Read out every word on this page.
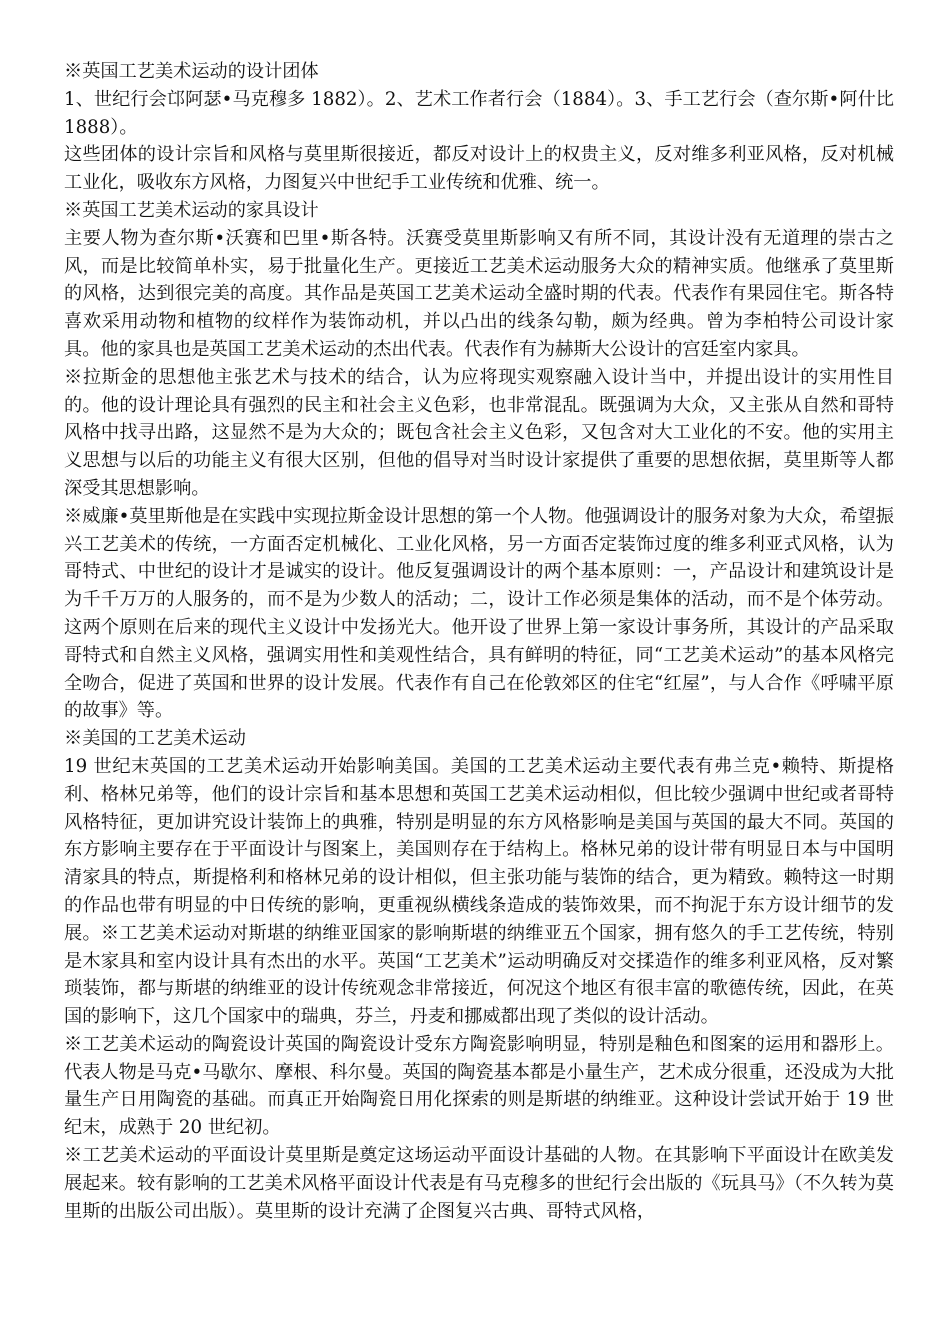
※英国工艺美术运动的设计团体

1、世纪行会邙阿瑟•马克穆多 1882）。2、艺术工作者行会（1884）。3、手工艺行会（查尔斯•阿什比 1888）。

这些团体的设计宗旨和风格与莫里斯很接近，都反对设计上的权贵主义，反对维多利亚风格，反对机械工业化，吸收东方风格，力图复兴中世纪手工业传统和优雅、统一。

※英国工艺美术运动的家具设计

主要人物为查尔斯•沃赛和巴里•斯各特。沃赛受莫里斯影响又有所不同，其设计没有无道理的崇古之风，而是比较简单朴实，易于批量化生产。更接近工艺美术运动服务大众的精神实质。他继承了莫里斯的风格，达到很完美的高度。其作品是英国工艺美术运动全盛时期的代表。代表作有果园住宅。斯各特喜欢采用动物和植物的纹样作为装饰动机，并以凸出的线条勾勒，颇为经典。曾为李柏特公司设计家具。他的家具也是英国工艺美术运动的杰出代表。代表作有为赫斯大公设计的宫廷室内家具。

※拉斯金的思想他主张艺术与技术的结合，认为应将现实观察融入设计当中，并提出设计的实用性目的。他的设计理论具有强烈的民主和社会主义色彩，也非常混乱。既强调为大众，又主张从自然和哥特风格中找寻出路，这显然不是为大众的；既包含社会主义色彩，又包含对大工业化的不安。他的实用主义思想与以后的功能主义有很大区别，但他的倡导对当时设计家提供了重要的思想依据，莫里斯等人都深受其思想影响。

※威廉•莫里斯他是在实践中实现拉斯金设计思想的第一个人物。他强调设计的服务对象为大众，希望振兴工艺美术的传统，一方面否定机械化、工业化风格，另一方面否定装饰过度的维多利亚式风格，认为哥特式、中世纪的设计才是诚实的设计。他反复强调设计的两个基本原则：一，产品设计和建筑设计是为千千万万的人服务的，而不是为少数人的活动；二，设计工作必须是集体的活动，而不是个体劳动。这两个原则在后来的现代主义设计中发扬光大。他开设了世界上第一家设计事务所，其设计的产品采取哥特式和自然主义风格，强调实用性和美观性结合，具有鲜明的特征，同“工艺美术运动”的基本风格完全吻合，促进了英国和世界的设计发展。代表作有自己在伦敦郊区的住宅“红屋”，与人合作《呼啸平原的故事》等。

※美国的工艺美术运动

19 世纪末英国的工艺美术运动开始影响美国。美国的工艺美术运动主要代表有弗兰克•赖特、斯提格利、格林兄弟等，他们的设计宗旨和基本思想和英国工艺美术运动相似，但比较少强调中世纪或者哥特风格特征，更加讲究设计装饰上的典雅，特别是明显的东方风格影响是美国与英国的最大不同。英国的东方影响主要存在于平面设计与图案上，美国则存在于结构上。格林兄弟的设计带有明显日本与中国明清家具的特点，斯提格利和格林兄弟的设计相似，但主张功能与装饰的结合，更为精致。赖特这一时期的作品也带有明显的中日传统的影响，更重视纵横线条造成的装饰效果，而不拘泥于东方设计细节的发展。※工艺美术运动对斯堪的纳维亚国家的影响斯堪的纳维亚五个国家，拥有悠久的手工艺传统，特别是木家具和室内设计具有杰出的水平。英国“工艺美术”运动明确反对交揉造作的维多利亚风格，反对繁琐装饰，都与斯堪的纳维亚的设计传统观念非常接近，何况这个地区有很丰富的歌德传统，因此，在英国的影响下，这几个国家中的瑞典，芬兰，丹麦和挪威都出现了类似的设计活动。

※工艺美术运动的陶瓷设计英国的陶瓷设计受东方陶瓷影响明显，特别是釉色和图案的运用和器形上。代表人物是马克•马歇尔、摩根、科尔曼。英国的陶瓷基本都是小量生产，艺术成分很重，还没成为大批量生产日用陶瓷的基础。而真正开始陶瓷日用化探索的则是斯堪的纳维亚。这种设计尝试开始于 19 世纪末，成熟于 20 世纪初。

※工艺美术运动的平面设计莫里斯是奠定这场运动平面设计基础的人物。在其影响下平面设计在欧美发展起来。较有影响的工艺美术风格平面设计代表是有马克穆多的世纪行会出版的《玩具马》（不久转为莫里斯的出版公司出版）。莫里斯的设计充满了企图复兴古典、哥特式风格，
